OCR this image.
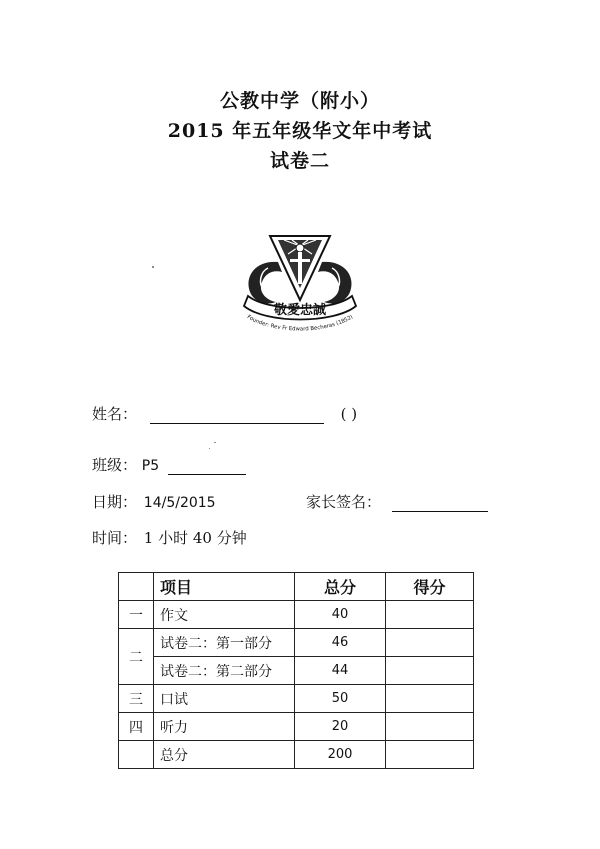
公教中学（附小）
2015 年五年级华文年中考试
试卷二
敬愛忠誠
Founder: Rev Fr Edward Becheras (1852)
姓名：	( )
班级： P5
日期： 14/5/2015	家长签名：
时间： 1 小时 40 分钟
	项目	总分	得分
一	作文	40	
二	试卷二：第一部分	46	
	试卷二：第二部分	44	
三	口试	50	
四	听力	20	
	总分	200	
